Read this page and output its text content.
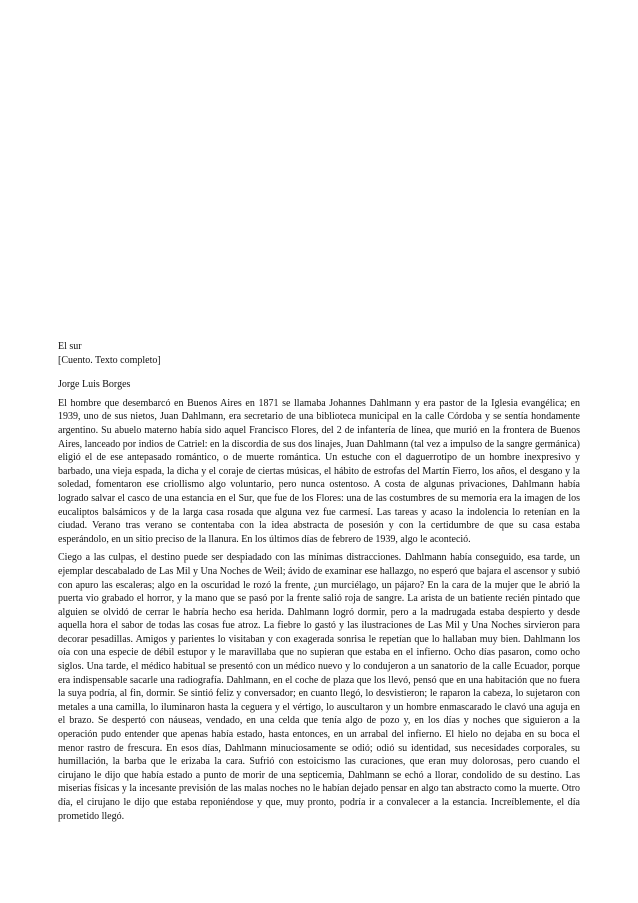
El sur

[Cuento. Texto completo]

Jorge Luis Borges

El hombre que desembarcó en Buenos Aires en 1871 se llamaba Johannes Dahlmann y era pastor de la Iglesia evangélica; en 1939, uno de sus nietos, Juan Dahlmann, era secretario de una biblioteca municipal en la calle Córdoba y se sentía hondamente argentino. Su abuelo materno había sido aquel Francisco Flores, del 2 de infantería de línea, que murió en la frontera de Buenos Aires, lanceado por indios de Catriel: en la discordia de sus dos linajes, Juan Dahlmann (tal vez a impulso de la sangre germánica) eligió el de ese antepasado romántico, o de muerte romántica. Un estuche con el daguerrotipo de un hombre inexpresivo y barbado, una vieja espada, la dicha y el coraje de ciertas músicas, el hábito de estrofas del Martín Fierro, los años, el desgano y la soledad, fomentaron ese criollismo algo voluntario, pero nunca ostentoso. A costa de algunas privaciones, Dahlmann había logrado salvar el casco de una estancia en el Sur, que fue de los Flores: una de las costumbres de su memoria era la imagen de los eucaliptos balsámicos y de la larga casa rosada que alguna vez fue carmesí. Las tareas y acaso la indolencia lo retenían en la ciudad. Verano tras verano se contentaba con la idea abstracta de posesión y con la certidumbre de que su casa estaba esperándolo, en un sitio preciso de la llanura. En los últimos días de febrero de 1939, algo le aconteció.

Ciego a las culpas, el destino puede ser despiadado con las mínimas distracciones. Dahlmann había conseguido, esa tarde, un ejemplar descabalado de Las Mil y Una Noches de Weil; ávido de examinar ese hallazgo, no esperó que bajara el ascensor y subió con apuro las escaleras; algo en la oscuridad le rozó la frente, ¿un murciélago, un pájaro? En la cara de la mujer que le abrió la puerta vio grabado el horror, y la mano que se pasó por la frente salió roja de sangre. La arista de un batiente recién pintado que alguien se olvidó de cerrar le habría hecho esa herida. Dahlmann logró dormir, pero a la madrugada estaba despierto y desde aquella hora el sabor de todas las cosas fue atroz. La fiebre lo gastó y las ilustraciones de Las Mil y Una Noches sirvieron para decorar pesadillas. Amigos y parientes lo visitaban y con exagerada sonrisa le repetían que lo hallaban muy bien. Dahlmann los oía con una especie de débil estupor y le maravillaba que no supieran que estaba en el infierno. Ocho días pasaron, como ocho siglos. Una tarde, el médico habitual se presentó con un médico nuevo y lo condujeron a un sanatorio de la calle Ecuador, porque era indispensable sacarle una radiografía. Dahlmann, en el coche de plaza que los llevó, pensó que en una habitación que no fuera la suya podría, al fin, dormir. Se sintió feliz y conversador; en cuanto llegó, lo desvistieron; le raparon la cabeza, lo sujetaron con metales a una camilla, lo iluminaron hasta la ceguera y el vértigo, lo auscultaron y un hombre enmascarado le clavó una aguja en el brazo. Se despertó con náuseas, vendado, en una celda que tenía algo de pozo y, en los días y noches que siguieron a la operación pudo entender que apenas había estado, hasta entonces, en un arrabal del infierno. El hielo no dejaba en su boca el menor rastro de frescura. En esos días, Dahlmann minuciosamente se odió; odió su identidad, sus necesidades corporales, su humillación, la barba que le erizaba la cara. Sufrió con estoicismo las curaciones, que eran muy dolorosas, pero cuando el cirujano le dijo que había estado a punto de morir de una septicemia, Dahlmann se echó a llorar, condolido de su destino. Las miserias físicas y la incesante previsión de las malas noches no le habían dejado pensar en algo tan abstracto como la muerte. Otro día, el cirujano le dijo que estaba reponiéndose y que, muy pronto, podría ir a convalecer a la estancia. Increíblemente, el día prometido llegó.
